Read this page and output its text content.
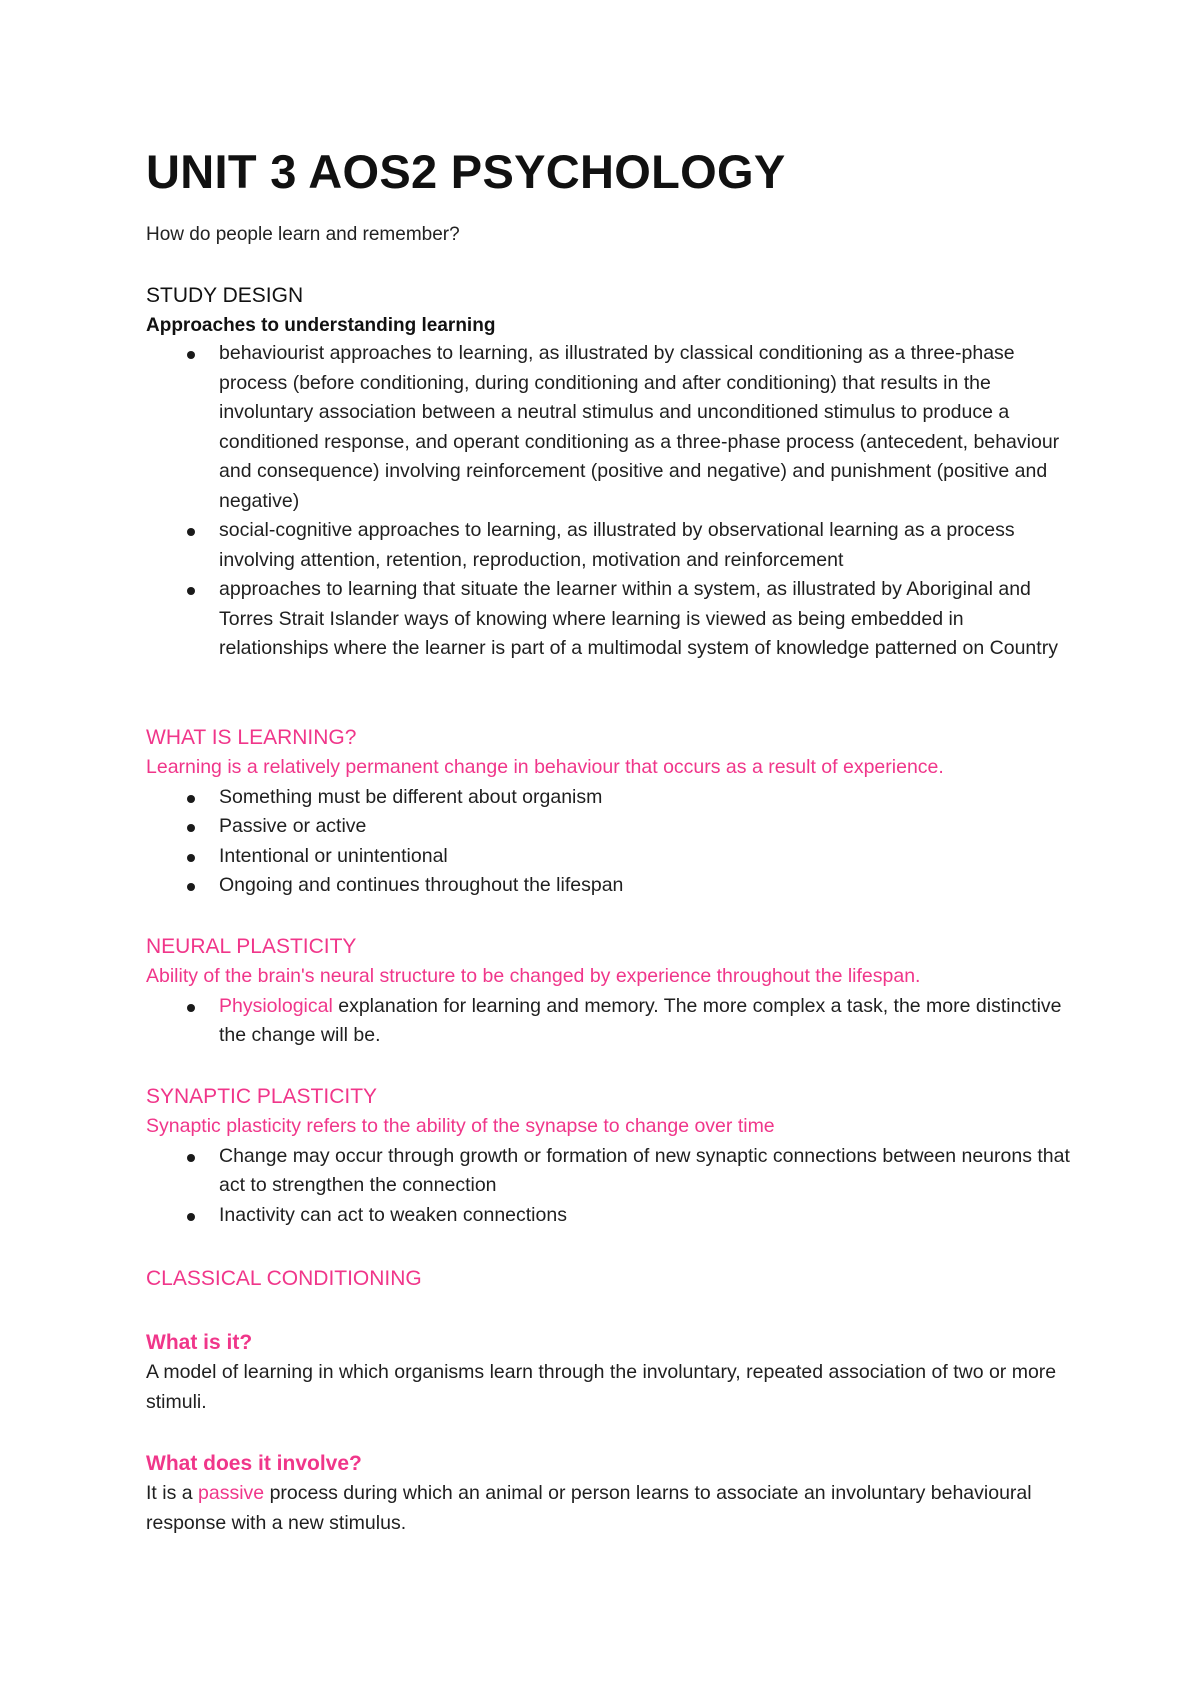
UNIT 3 AOS2 PSYCHOLOGY
How do people learn and remember?
STUDY DESIGN
Approaches to understanding learning
behaviourist approaches to learning, as illustrated by classical conditioning as a three-phase process (before conditioning, during conditioning and after conditioning) that results in the involuntary association between a neutral stimulus and unconditioned stimulus to produce a conditioned response, and operant conditioning as a three-phase process (antecedent, behaviour and consequence) involving reinforcement (positive and negative) and punishment (positive and negative)
social-cognitive approaches to learning, as illustrated by observational learning as a process involving attention, retention, reproduction, motivation and reinforcement
approaches to learning that situate the learner within a system, as illustrated by Aboriginal and Torres Strait Islander ways of knowing where learning is viewed as being embedded in relationships where the learner is part of a multimodal system of knowledge patterned on Country
WHAT IS LEARNING?
Learning is a relatively permanent change in behaviour that occurs as a result of experience.
Something must be different about organism
Passive or active
Intentional or unintentional
Ongoing and continues throughout the lifespan
NEURAL PLASTICITY
Ability of the brain's neural structure to be changed by experience throughout the lifespan.
Physiological explanation for learning and memory. The more complex a task, the more distinctive the change will be.
SYNAPTIC PLASTICITY
Synaptic plasticity refers to the ability of the synapse to change over time
Change may occur through growth or formation of new synaptic connections between neurons that act to strengthen the connection
Inactivity can act to weaken connections
CLASSICAL CONDITIONING
What is it?
A model of learning in which organisms learn through the involuntary, repeated association of two or more stimuli.
What does it involve?
It is a passive process during which an animal or person learns to associate an involuntary behavioural response with a new stimulus.
